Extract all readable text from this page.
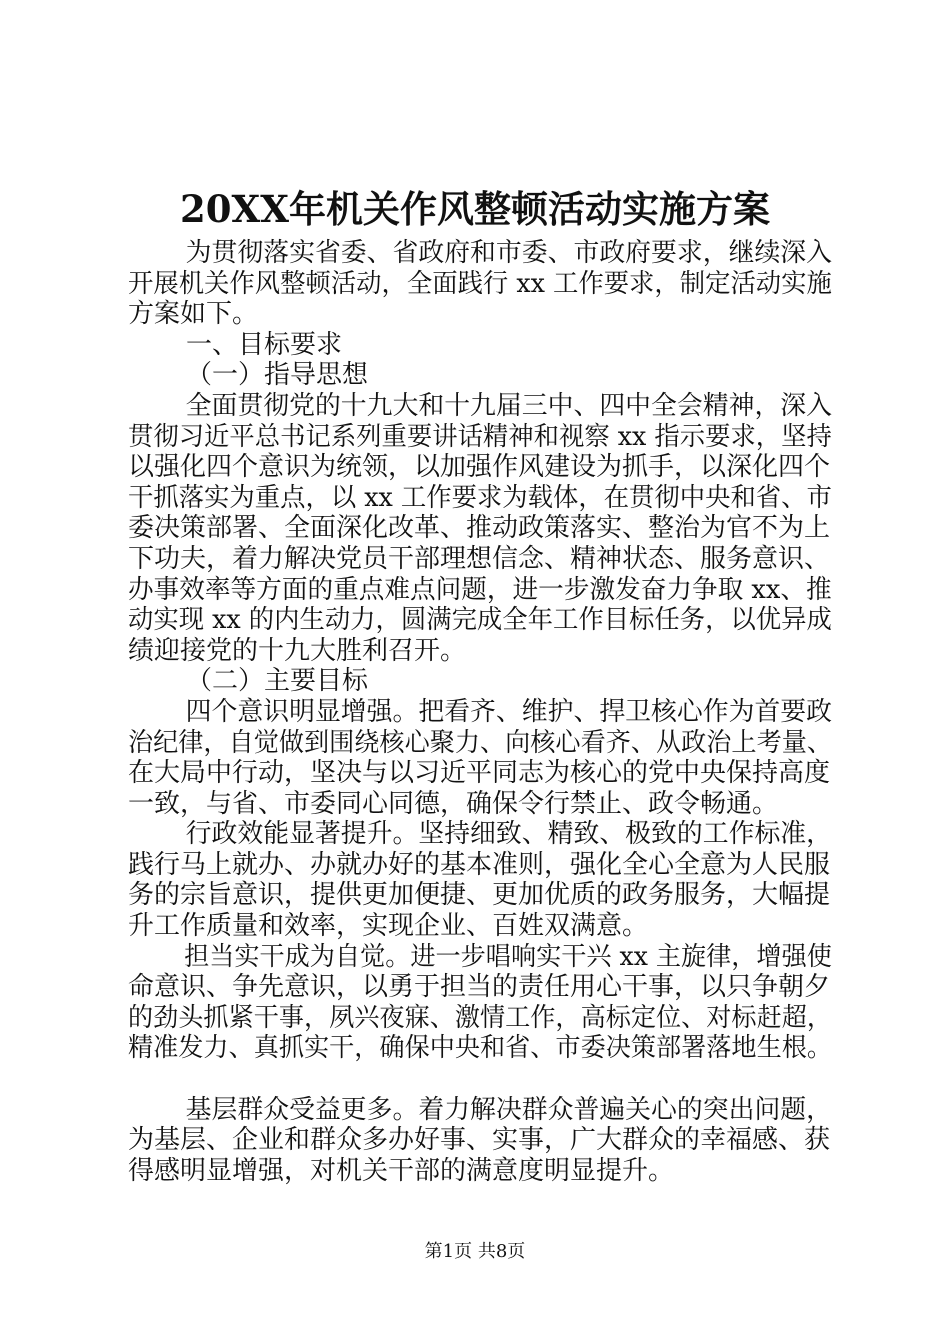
20XX年机关作风整顿活动实施方案
为贯彻落实省委、省政府和市委、市政府要求，继续深入
开展机关作风整顿活动，全面践行 xx 工作要求，制定活动实施
方案如下。
一、目标要求
（一）指导思想
全面贯彻党的十九大和十九届三中、四中全会精神，深入
贯彻习近平总书记系列重要讲话精神和视察 xx 指示要求，坚持
以强化四个意识为统领，以加强作风建设为抓手，以深化四个
干抓落实为重点，以 xx 工作要求为载体，在贯彻中央和省、市
委决策部署、全面深化改革、推动政策落实、整治为官不为上
下功夫，着力解决党员干部理想信念、精神状态、服务意识、
办事效率等方面的重点难点问题，进一步激发奋力争取 xx、推
动实现 xx 的内生动力，圆满完成全年工作目标任务，以优异成
绩迎接党的十九大胜利召开。
（二）主要目标
四个意识明显增强。把看齐、维护、捍卫核心作为首要政
治纪律，自觉做到围绕核心聚力、向核心看齐、从政治上考量、
在大局中行动，坚决与以习近平同志为核心的党中央保持高度
一致，与省、市委同心同德，确保令行禁止、政令畅通。
行政效能显著提升。坚持细致、精致、极致的工作标准，
践行马上就办、办就办好的基本准则，强化全心全意为人民服
务的宗旨意识，提供更加便捷、更加优质的政务服务，大幅提
升工作质量和效率，实现企业、百姓双满意。
担当实干成为自觉。进一步唱响实干兴 xx 主旋律，增强使
命意识、争先意识，以勇于担当的责任用心干事，以只争朝夕
的劲头抓紧干事，夙兴夜寐、激情工作，高标定位、对标赶超，
精准发力、真抓实干，确保中央和省、市委决策部署落地生根。
基层群众受益更多。着力解决群众普遍关心的突出问题，
为基层、企业和群众多办好事、实事，广大群众的幸福感、获
得感明显增强，对机关干部的满意度明显提升。
第1页 共8页
